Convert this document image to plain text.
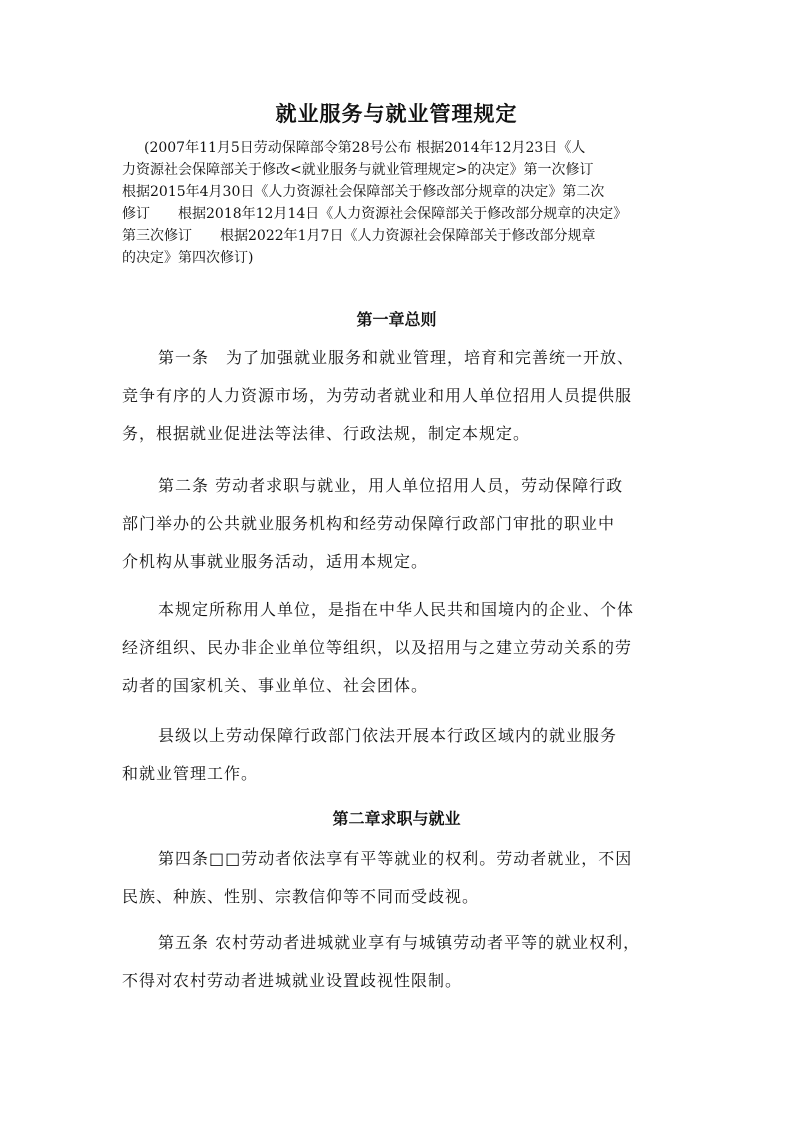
就业服务与就业管理规定
(2007年11月5日劳动保障部令第28号公布 根据2014年12月23日《人
力资源社会保障部关于修改<就业服务与就业管理规定>的决定》第一次修订
根据2015年4月30日《人力资源社会保障部关于修改部分规章的决定》第二次
修订　　根据2018年12月14日《人力资源社会保障部关于修改部分规章的决定》
第三次修订　　根据2022年1月7日《人力资源社会保障部关于修改部分规章
的决定》第四次修订)
第一章总则
第一条　为了加强就业服务和就业管理，培育和完善统一开放、
竞争有序的人力资源市场，为劳动者就业和用人单位招用人员提供服
务，根据就业促进法等法律、行政法规，制定本规定。
第二条 劳动者求职与就业，用人单位招用人员，劳动保障行政
部门举办的公共就业服务机构和经劳动保障行政部门审批的职业中
介机构从事就业服务活动，适用本规定。
本规定所称用人单位，是指在中华人民共和国境内的企业、个体
经济组织、民办非企业单位等组织，以及招用与之建立劳动关系的劳
动者的国家机关、事业单位、社会团体。
县级以上劳动保障行政部门依法开展本行政区域内的就业服务
和就业管理工作。
第二章求职与就业
第四条□□劳动者依法享有平等就业的权利。劳动者就业，不因
民族、种族、性别、宗教信仰等不同而受歧视。
第五条 农村劳动者进城就业享有与城镇劳动者平等的就业权利，
不得对农村劳动者进城就业设置歧视性限制。
